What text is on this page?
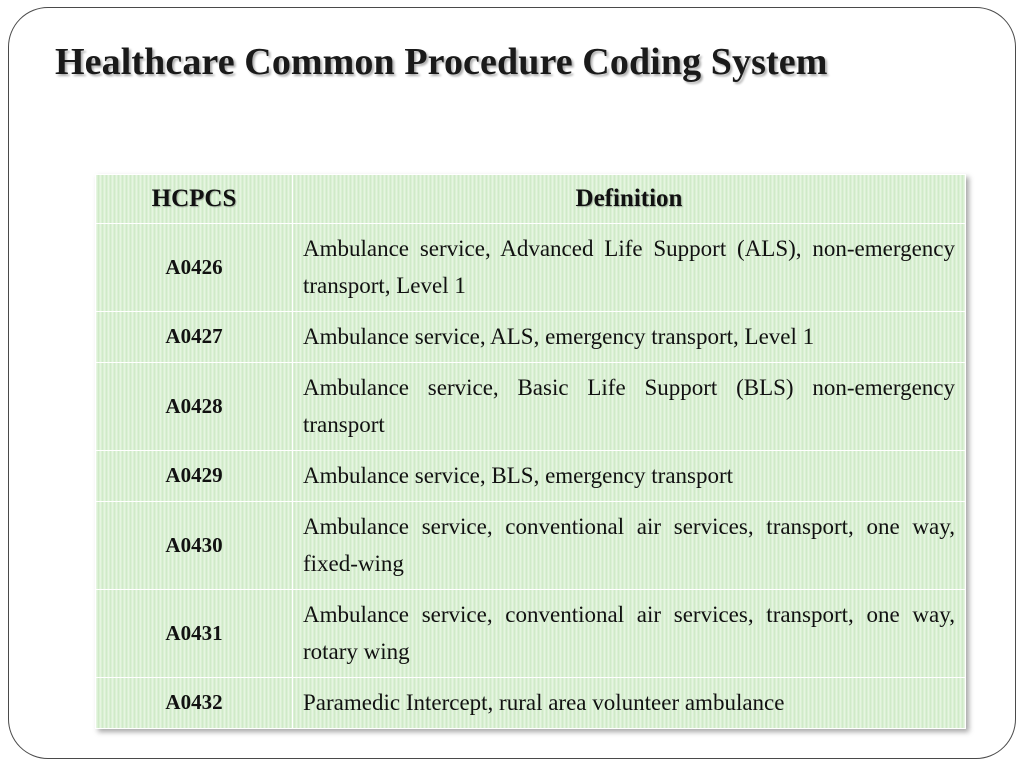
Healthcare Common Procedure Coding System
HCPCS	Definition
A0426	Ambulance service, Advanced Life Support (ALS), non-emergency transport, Level 1
A0427	Ambulance service, ALS, emergency transport, Level 1
A0428	Ambulance service, Basic Life Support (BLS) non-emergency transport
A0429	Ambulance service, BLS, emergency transport
A0430	Ambulance service, conventional air services, transport, one way, fixed-wing
A0431	Ambulance service, conventional air services, transport, one way, rotary wing
A0432	Paramedic Intercept, rural area volunteer ambulance
